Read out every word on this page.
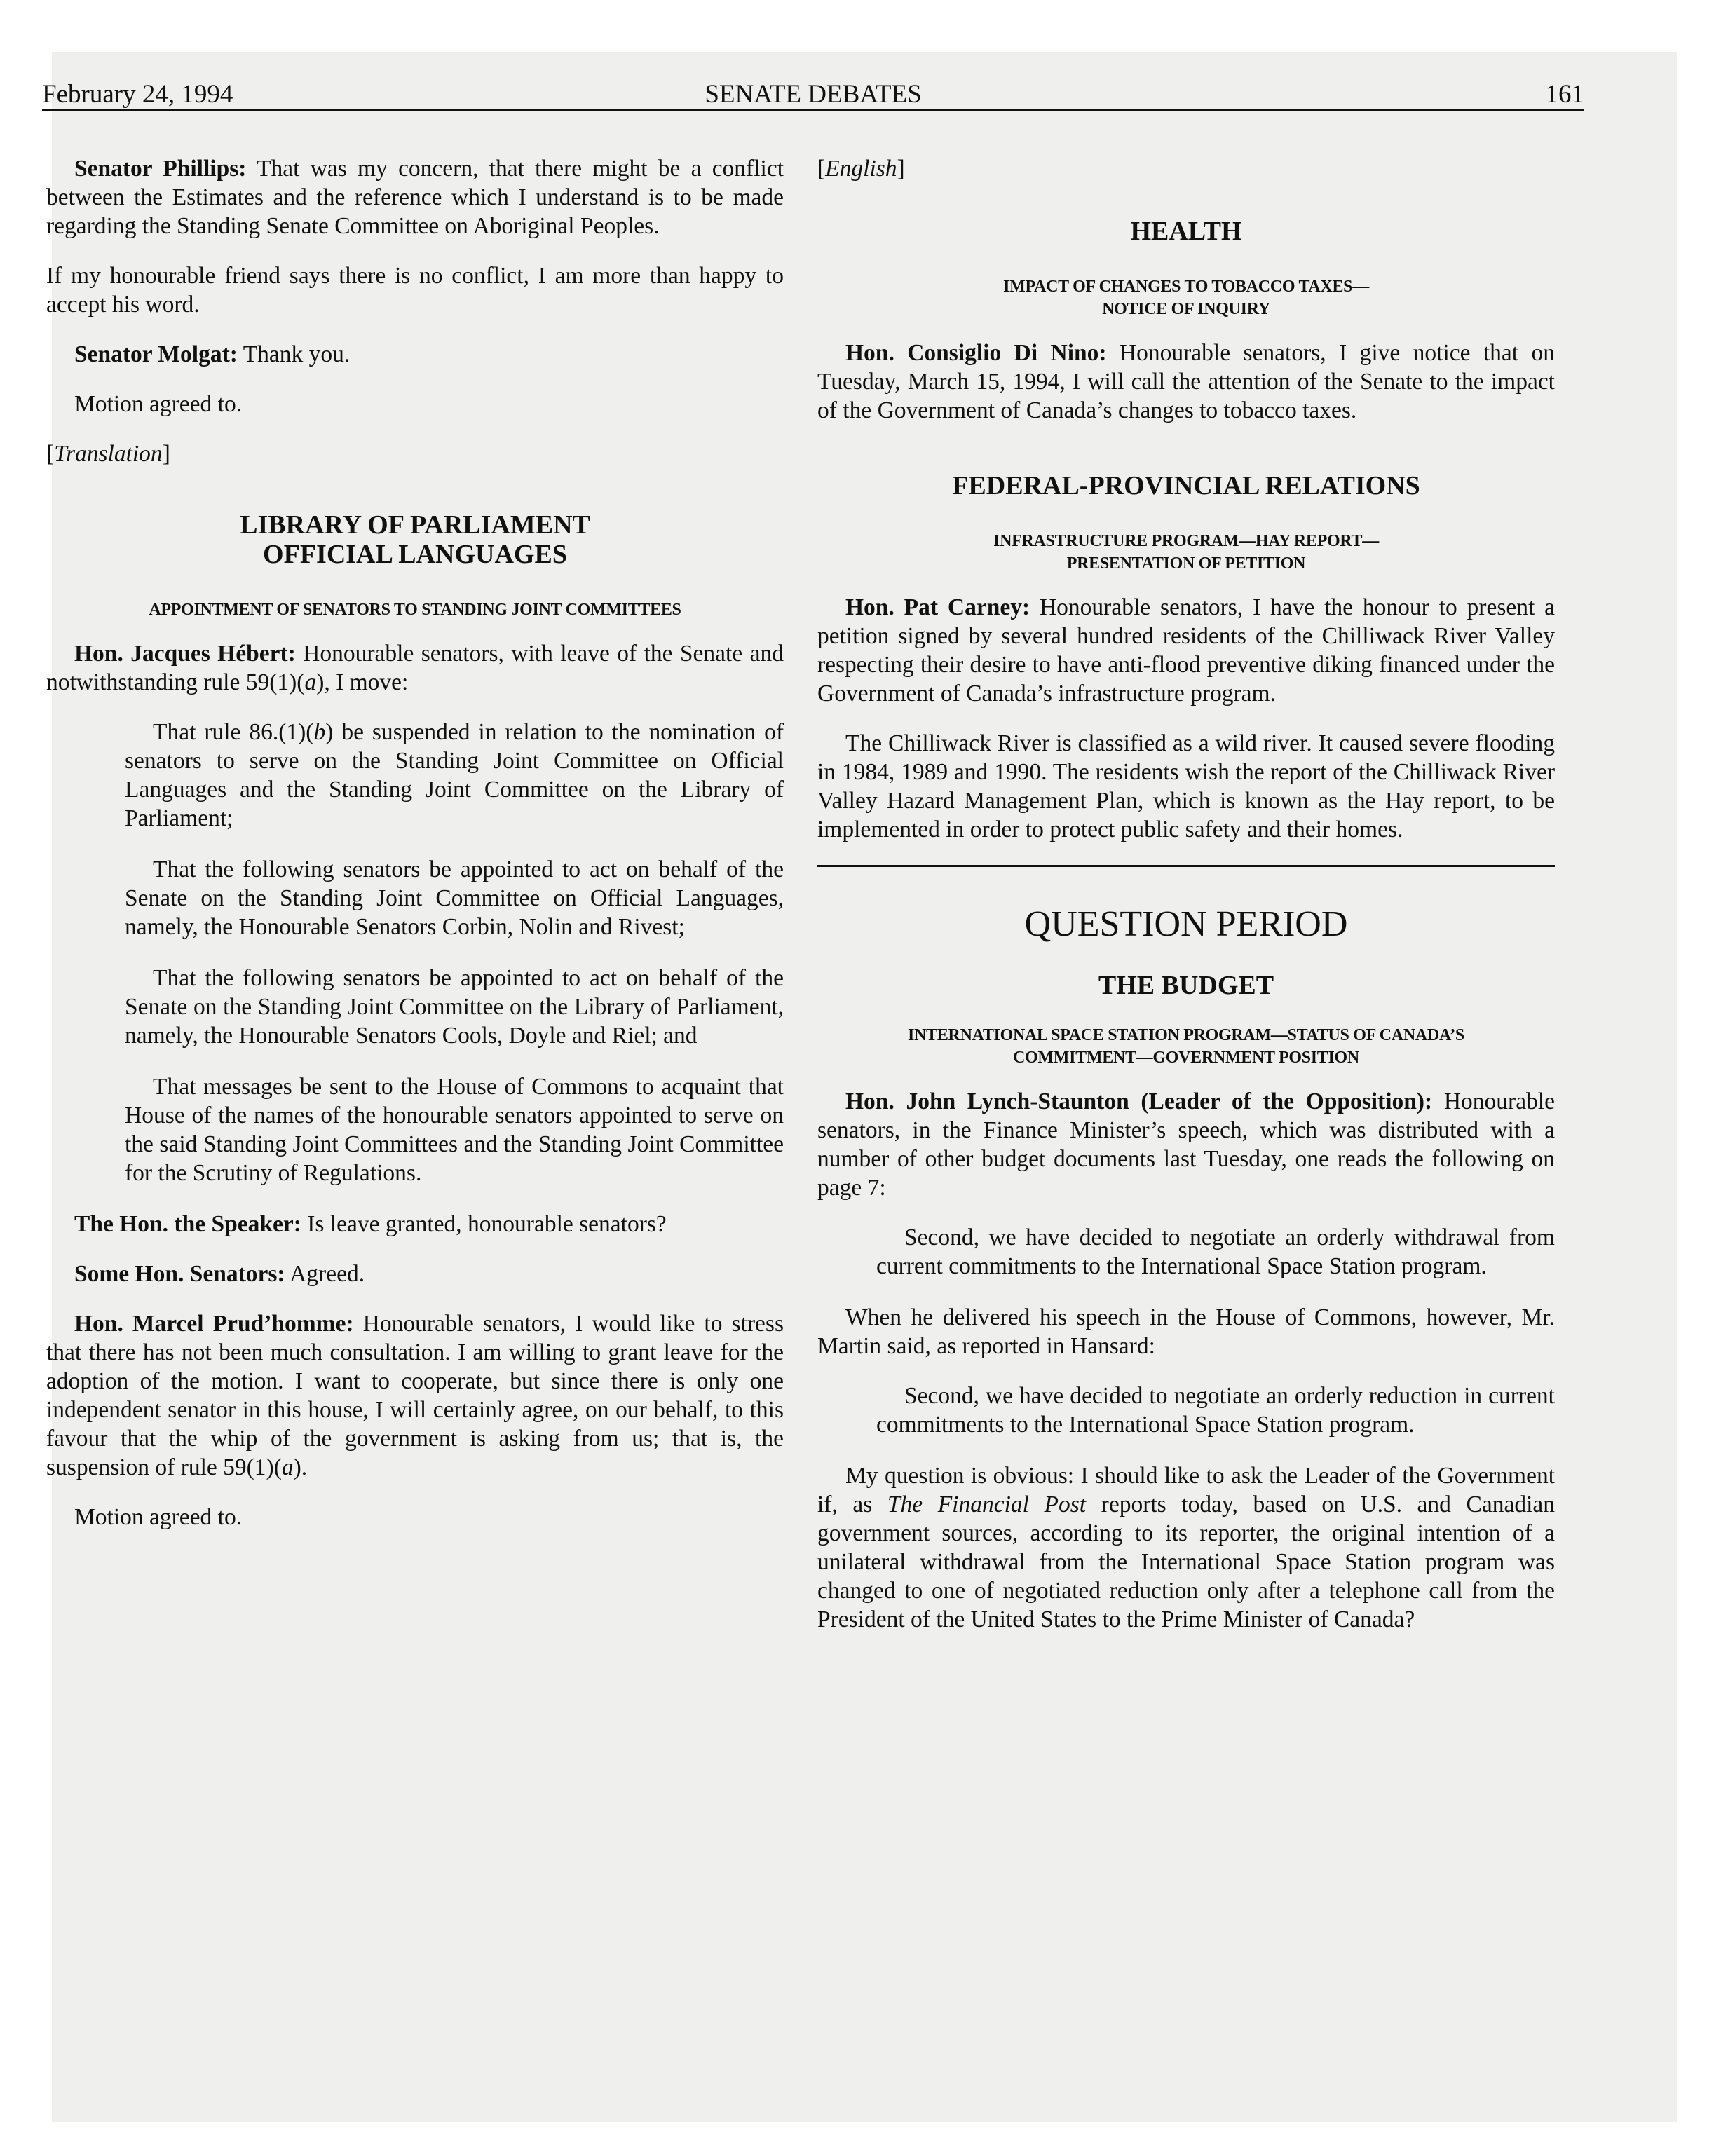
February 24, 1994	SENATE DEBATES	161

Senator Phillips: That was my concern, that there might be a conflict between the Estimates and the reference which I understand is to be made regarding the Standing Senate Committee on Aboriginal Peoples.

If my honourable friend says there is no conflict, I am more than happy to accept his word.

Senator Molgat: Thank you.

Motion agreed to.

[ Translation ]

LIBRARY OF PARLIAMENT
OFFICIAL LANGUAGES
APPOINTMENT OF SENATORS TO STANDING JOINT COMMITTEES

Hon. Jacques Hébert: Honourable senators, with leave of the Senate and notwithstanding rule 59(1)(a), I move:

That rule 86.(1)(b) be suspended in relation to the nomination of senators to serve on the Standing Joint Committee on Official Languages and the Standing Joint Committee on the Library of Parliament;

That the following senators be appointed to act on behalf of the Senate on the Standing Joint Committee on Official Languages, namely, the Honourable Senators Corbin, Nolin and Rivest;

That the following senators be appointed to act on behalf of the Senate on the Standing Joint Committee on the Library of Parliament, namely, the Honourable Senators Cools, Doyle and Riel; and

That messages be sent to the House of Commons to acquaint that House of the names of the honourable senators appointed to serve on the said Standing Joint Committees and the Standing Joint Committee for the Scrutiny of Regulations.

The Hon. the Speaker: Is leave granted, honourable senators?

Some Hon. Senators: Agreed.

Hon. Marcel Prud’homme: Honourable senators, I would like to stress that there has not been much consultation. I am willing to grant leave for the adoption of the motion. I want to cooperate, but since there is only one independent senator in this house, I will certainly agree, on our behalf, to this favour that the whip of the government is asking from us; that is, the suspension of rule 59(1)(a).

Motion agreed to.

[ English ]

HEALTH
IMPACT OF CHANGES TO TOBACCO TAXES—
NOTICE OF INQUIRY

Hon. Consiglio Di Nino: Honourable senators, I give notice that on Tuesday, March 15, 1994, I will call the attention of the Senate to the impact of the Government of Canada’s changes to tobacco taxes.

FEDERAL-PROVINCIAL RELATIONS
INFRASTRUCTURE PROGRAM—HAY REPORT—
PRESENTATION OF PETITION

Hon. Pat Carney: Honourable senators, I have the honour to present a petition signed by several hundred residents of the Chilliwack River Valley respecting their desire to have anti-flood preventive diking financed under the Government of Canada’s infrastructure program.

The Chilliwack River is classified as a wild river. It caused severe flooding in 1984, 1989 and 1990. The residents wish the report of the Chilliwack River Valley Hazard Management Plan, which is known as the Hay report, to be implemented in order to protect public safety and their homes.

QUESTION PERIOD
THE BUDGET
INTERNATIONAL SPACE STATION PROGRAM—STATUS OF CANADA’S
COMMITMENT—GOVERNMENT POSITION

Hon. John Lynch-Staunton (Leader of the Opposition): Honourable senators, in the Finance Minister’s speech, which was distributed with a number of other budget documents last Tuesday, one reads the following on page 7:

Second, we have decided to negotiate an orderly withdrawal from current commitments to the International Space Station program.

When he delivered his speech in the House of Commons, however, Mr. Martin said, as reported in Hansard:

Second, we have decided to negotiate an orderly reduction in current commitments to the International Space Station program.

My question is obvious: I should like to ask the Leader of the Government if, as The Financial Post reports today, based on U.S. and Canadian government sources, according to its reporter, the original intention of a unilateral withdrawal from the International Space Station program was changed to one of negotiated reduction only after a telephone call from the President of the United States to the Prime Minister of Canada?
